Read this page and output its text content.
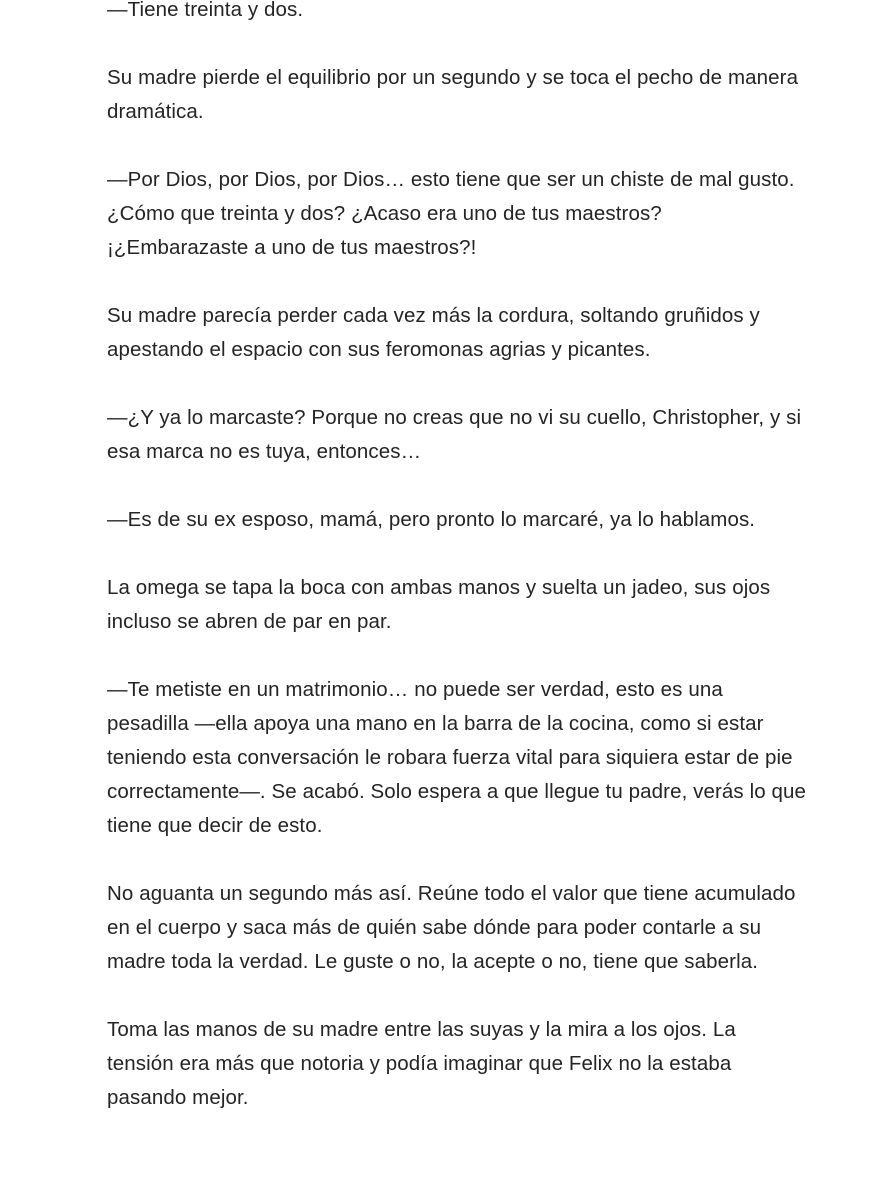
—Tiene treinta y dos.

Su madre pierde el equilibrio por un segundo y se toca el pecho de manera dramática.

—Por Dios, por Dios, por Dios… esto tiene que ser un chiste de mal gusto. ¿Cómo que treinta y dos? ¿Acaso era uno de tus maestros? ¡¿Embarazaste a uno de tus maestros?!

Su madre parecía perder cada vez más la cordura, soltando gruñidos y apestando el espacio con sus feromonas agrias y picantes.

—¿Y ya lo marcaste? Porque no creas que no vi su cuello, Christopher, y si esa marca no es tuya, entonces…

—Es de su ex esposo, mamá, pero pronto lo marcaré, ya lo hablamos.

La omega se tapa la boca con ambas manos y suelta un jadeo, sus ojos incluso se abren de par en par.

—Te metiste en un matrimonio… no puede ser verdad, esto es una pesadilla —ella apoya una mano en la barra de la cocina, como si estar teniendo esta conversación le robara fuerza vital para siquiera estar de pie correctamente—. Se acabó. Solo espera a que llegue tu padre, verás lo que tiene que decir de esto.

No aguanta un segundo más así. Reúne todo el valor que tiene acumulado en el cuerpo y saca más de quién sabe dónde para poder contarle a su madre toda la verdad. Le guste o no, la acepte o no, tiene que saberla.

Toma las manos de su madre entre las suyas y la mira a los ojos. La tensión era más que notoria y podía imaginar que Felix no la estaba pasando mejor.
